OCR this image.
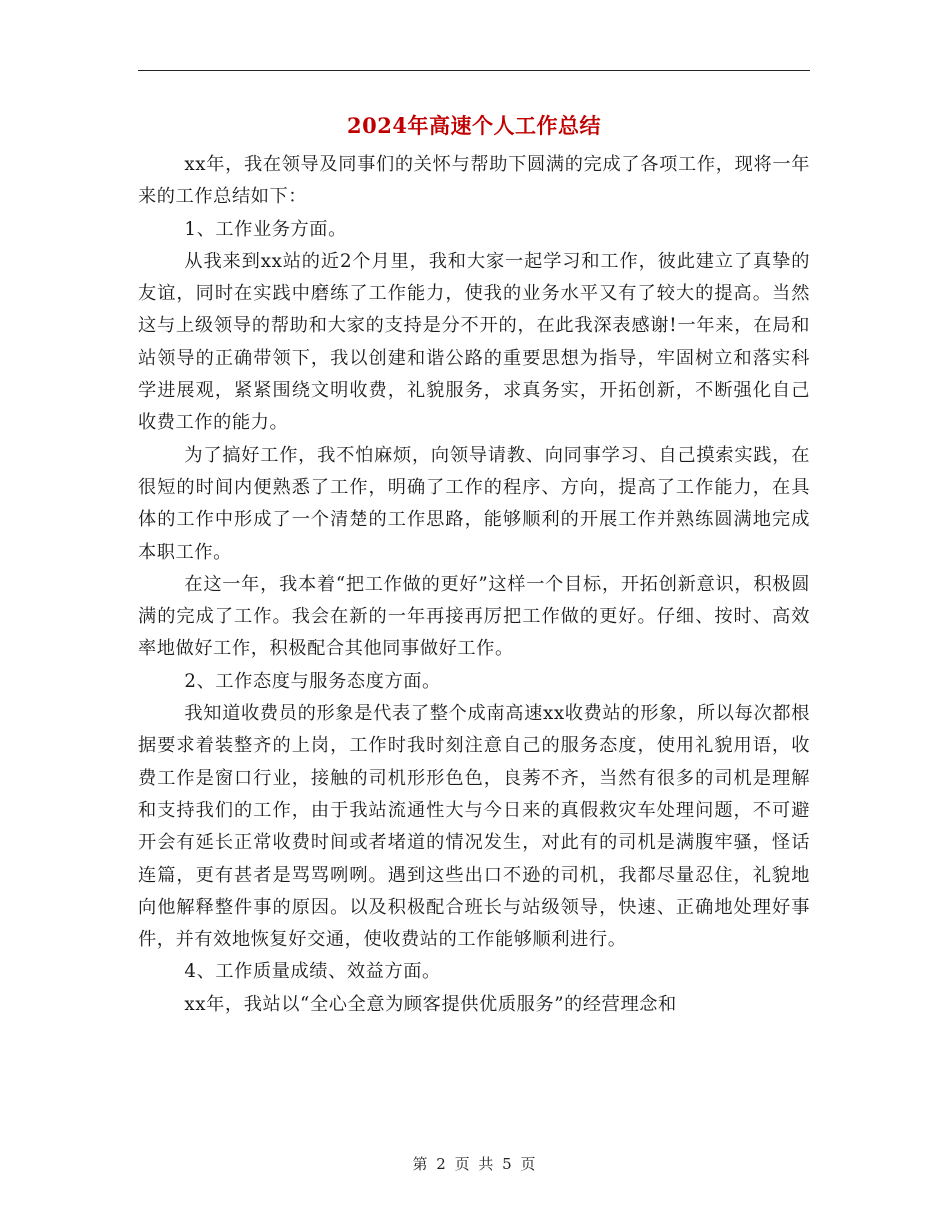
2024年高速个人工作总结

xx年，我在领导及同事们的关怀与帮助下圆满的完成了各项工作，现将一年来的工作总结如下：

1、工作业务方面。

从我来到xx站的近2个月里，我和大家一起学习和工作，彼此建立了真挚的友谊，同时在实践中磨练了工作能力，使我的业务水平又有了较大的提高。当然这与上级领导的帮助和大家的支持是分不开的，在此我深表感谢!一年来，在局和站领导的正确带领下，我以创建和谐公路的重要思想为指导，牢固树立和落实科学进展观，紧紧围绕文明收费，礼貌服务，求真务实，开拓创新，不断强化自己收费工作的能力。

为了搞好工作，我不怕麻烦，向领导请教、向同事学习、自己摸索实践，在很短的时间内便熟悉了工作，明确了工作的程序、方向，提高了工作能力，在具体的工作中形成了一个清楚的工作思路，能够顺利的开展工作并熟练圆满地完成本职工作。

在这一年，我本着“把工作做的更好”这样一个目标，开拓创新意识，积极圆满的完成了工作。我会在新的一年再接再厉把工作做的更好。仔细、按时、高效率地做好工作，积极配合其他同事做好工作。

2、工作态度与服务态度方面。

我知道收费员的形象是代表了整个成南高速xx收费站的形象，所以每次都根据要求着装整齐的上岗，工作时我时刻注意自己的服务态度，使用礼貌用语，收费工作是窗口行业，接触的司机形形色色，良莠不齐，当然有很多的司机是理解和支持我们的工作，由于我站流通性大与今日来的真假救灾车处理问题，不可避开会有延长正常收费时间或者堵道的情况发生，对此有的司机是满腹牢骚，怪话连篇，更有甚者是骂骂咧咧。遇到这些出口不逊的司机，我都尽量忍住，礼貌地向他解释整件事的原因。以及积极配合班长与站级领导，快速、正确地处理好事件，并有效地恢复好交通，使收费站的工作能够顺利进行。

4、工作质量成绩、效益方面。

xx年，我站以“全心全意为顾客提供优质服务”的经营理念和

第 2 页 共 5 页
